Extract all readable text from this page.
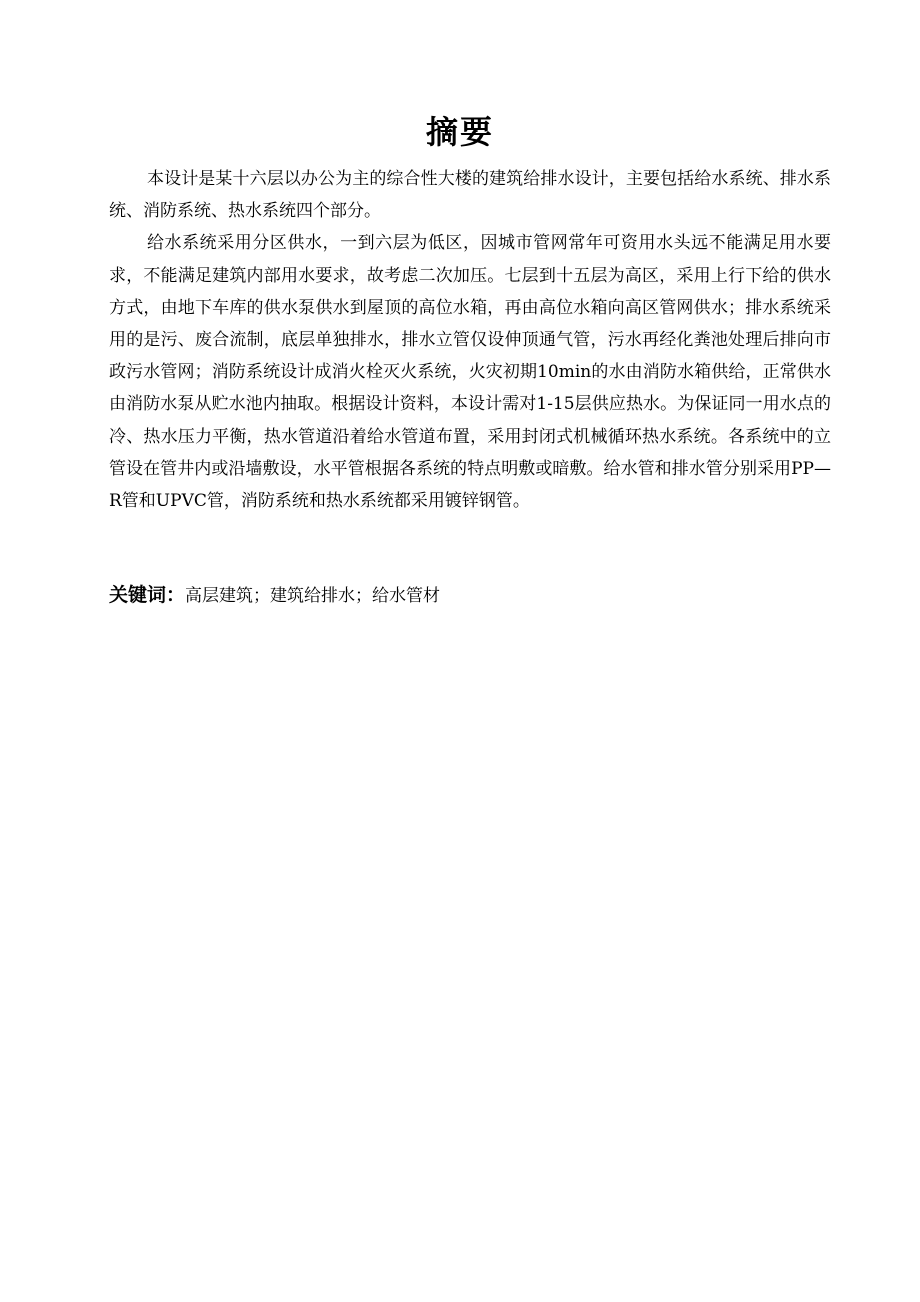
摘要

本设计是某十六层以办公为主的综合性大楼的建筑给排水设计，主要包括给水系统、排水系统、消防系统、热水系统四个部分。

给水系统采用分区供水，一到六层为低区，因城市管网常年可资用水头远不能满足用水要求，不能满足建筑内部用水要求，故考虑二次加压。七层到十五层为高区，采用上行下给的供水方式，由地下车库的供水泵供水到屋顶的高位水箱，再由高位水箱向高区管网供水；排水系统采用的是污、废合流制，底层单独排水，排水立管仅设伸顶通气管，污水再经化粪池处理后排向市政污水管网；消防系统设计成消火栓灭火系统，火灾初期10min的水由消防水箱供给，正常供水由消防水泵从贮水池内抽取。根据设计资料，本设计需对1-15层供应热水。为保证同一用水点的冷、热水压力平衡，热水管道沿着给水管道布置，采用封闭式机械循环热水系统。各系统中的立管设在管井内或沿墙敷设，水平管根据各系统的特点明敷或暗敷。给水管和排水管分别采用PP—R管和UPVC管，消防系统和热水系统都采用镀锌钢管。

关键词：高层建筑；建筑给排水；给水管材
